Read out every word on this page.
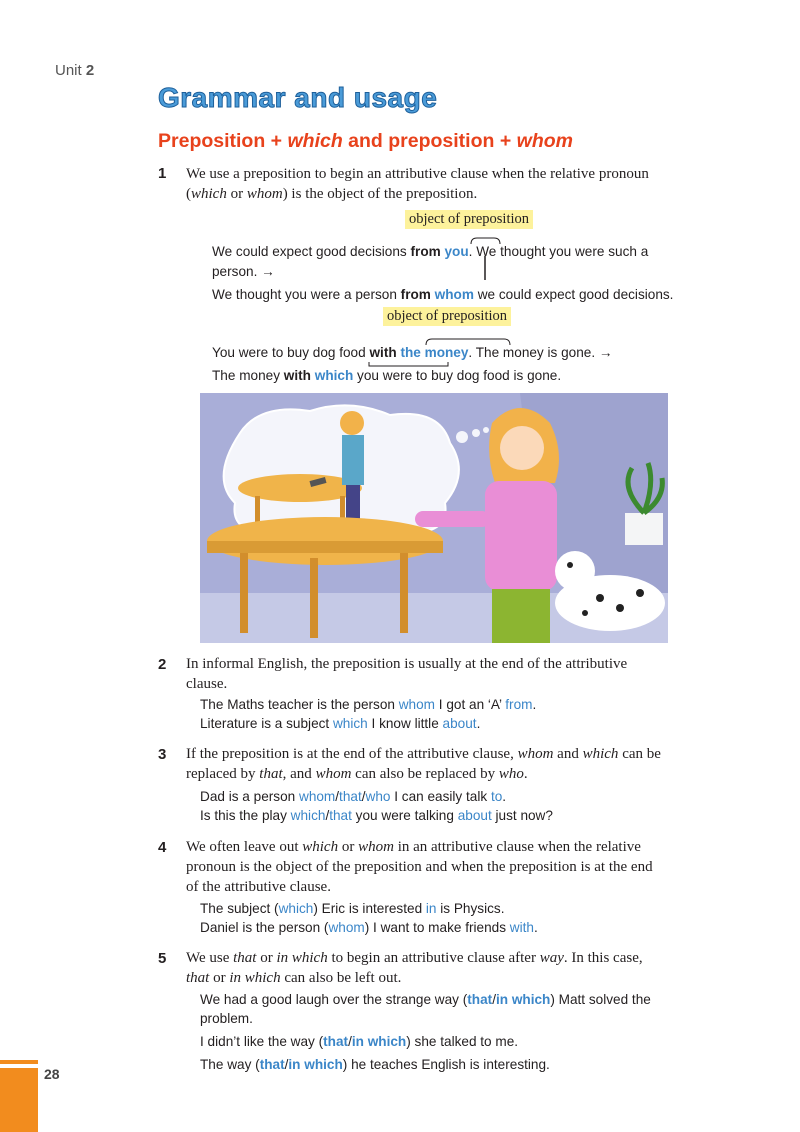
Unit 2
Grammar and usage
Preposition + which and preposition + whom
1 We use a preposition to begin an attributive clause when the relative pronoun
(which or whom) is the object of the preposition.
object of preposition
We could expect good decisions from you. We thought you were such a
person. →
We thought you were a person from whom we could expect good decisions.
object of preposition
You were to buy dog food with the money. The money is gone. →
The money with which you were to buy dog food is gone.
2 In informal English, the preposition is usually at the end of the attributive
clause.
The Maths teacher is the person whom I got an ‘A’ from.
Literature is a subject which I know little about.
3 If the preposition is at the end of the attributive clause, whom and which can be
replaced by that, and whom can also be replaced by who.
Dad is a person whom/that/who I can easily talk to.
Is this the play which/that you were talking about just now?
4 We often leave out which or whom in an attributive clause when the relative
pronoun is the object of the preposition and when the preposition is at the end
of the attributive clause.
The subject (which) Eric is interested in is Physics.
Daniel is the person (whom) I want to make friends with.
5 We use that or in which to begin an attributive clause after way. In this case,
that or in which can also be left out.
We had a good laugh over the strange way (that/in which) Matt solved the
problem.
I didn’t like the way (that/in which) she talked to me.
The way (that/in which) he teaches English is interesting.
28
